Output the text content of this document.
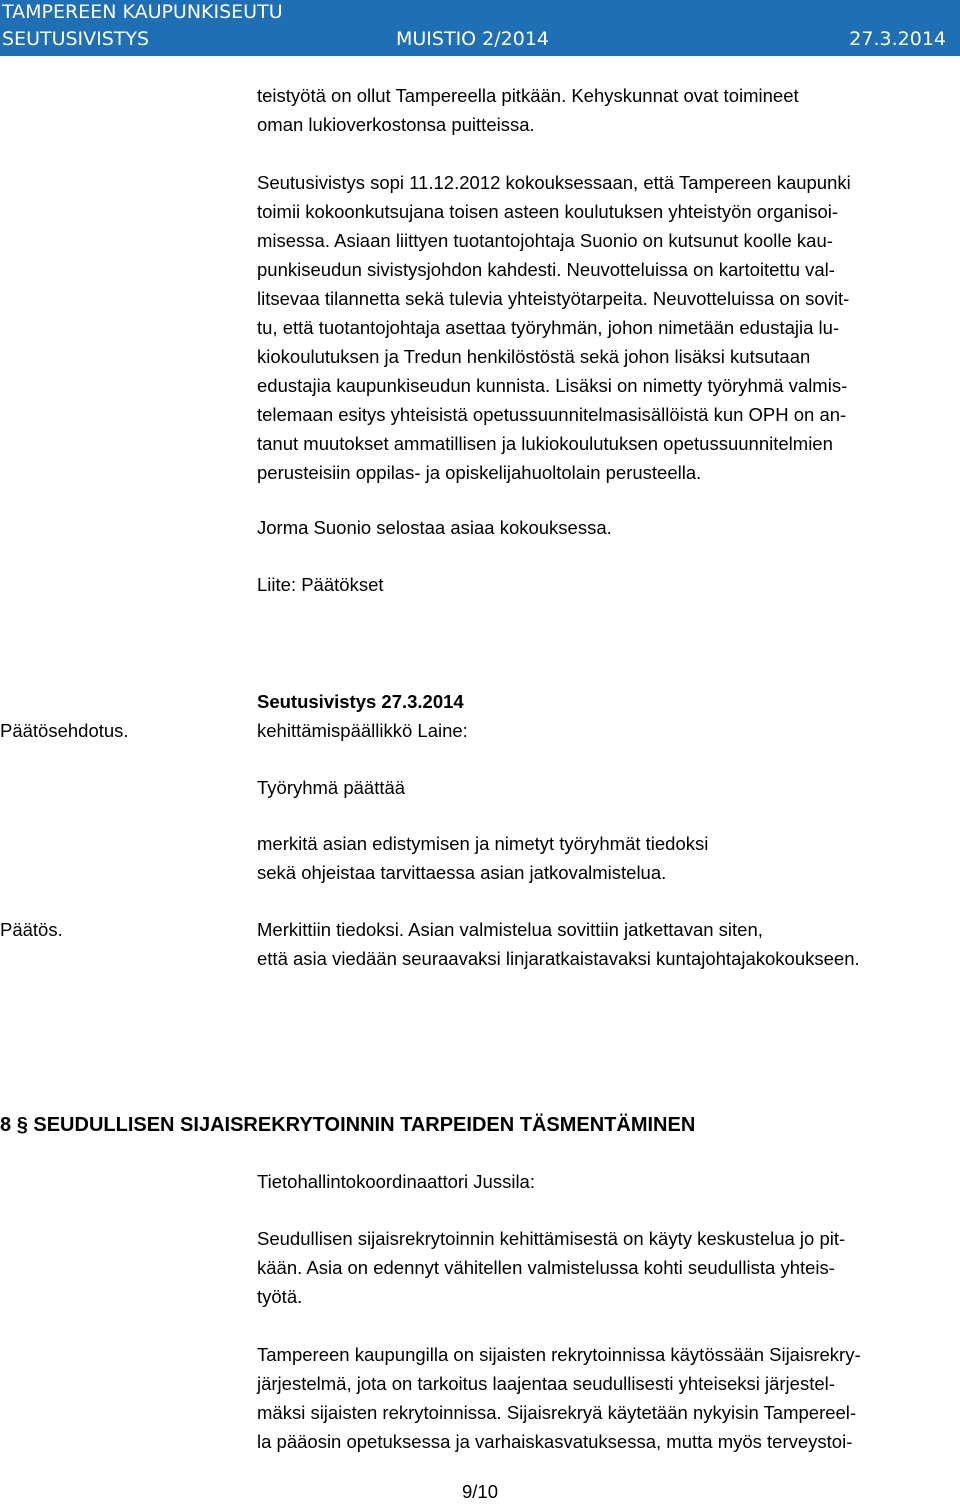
TAMPEREEN KAUPUNKISEUTU
SEUTUSIVISTYS	MUISTIO 2/2014	27.3.2014

teistyötä on ollut Tampereella pitkään. Kehyskunnat ovat toimineet

oman lukioverkostonsa puitteissa.

Seutusivistys sopi 11.12.2012 kokouksessaan, että Tampereen kaupunki

toimii kokoonkutsujana toisen asteen koulutuksen yhteistyön organisoi-

misessa. Asiaan liittyen tuotantojohtaja Suonio on kutsunut koolle kau-

punkiseudun sivistysjohdon kahdesti. Neuvotteluissa on kartoitettu val-

litsevaa tilannetta sekä tulevia yhteistyötarpeita. Neuvotteluissa on sovit-

tu, että tuotantojohtaja asettaa työryhmän, johon nimetään edustajia lu-

kiokoulutuksen ja Tredun henkilöstöstä sekä johon lisäksi kutsutaan

edustajia kaupunkiseudun kunnista. Lisäksi on nimetty työryhmä valmis-

telemaan esitys yhteisistä opetussuunnitelmasisällöistä kun OPH on an-

tanut muutokset ammatillisen ja lukiokoulutuksen opetussuunnitelmien

perusteisiin oppilas- ja opiskelijahuoltolain perusteella.

Jorma Suonio selostaa asiaa kokouksessa.

Liite: Päätökset

Päätösehdotus.

Seutusivistys 27.3.2014

kehittämispäällikkö Laine:

Työryhmä päättää

merkitä asian edistymisen ja nimetyt työryhmät tiedoksi

sekä ohjeistaa tarvittaessa asian jatkovalmistelua.

Päätös.	Merkittiin tiedoksi. Asian valmistelua sovittiin jatkettavan siten,

että asia viedään seuraavaksi linjaratkaistavaksi kuntajohtajakokoukseen.

8 § SEUDULLISEN SIJAISREKRYTOINNIN TARPEIDEN TÄSMENTÄMINEN

Tietohallintokoordinaattori Jussila:

Seudullisen sijaisrekrytoinnin kehittämisestä on käyty keskustelua jo pit-

kään. Asia on edennyt vähitellen valmistelussa kohti seudullista yhteis-

työtä.

Tampereen kaupungilla on sijaisten rekrytoinnissa käytössään Sijaisrekry-

järjestelmä, jota on tarkoitus laajentaa seudullisesti yhteiseksi järjestel-

mäksi sijaisten rekrytoinnissa. Sijaisrekryä käytetään nykyisin Tampereel-

la pääosin opetuksessa ja varhaiskasvatuksessa, mutta myös terveystoi-

9/10
